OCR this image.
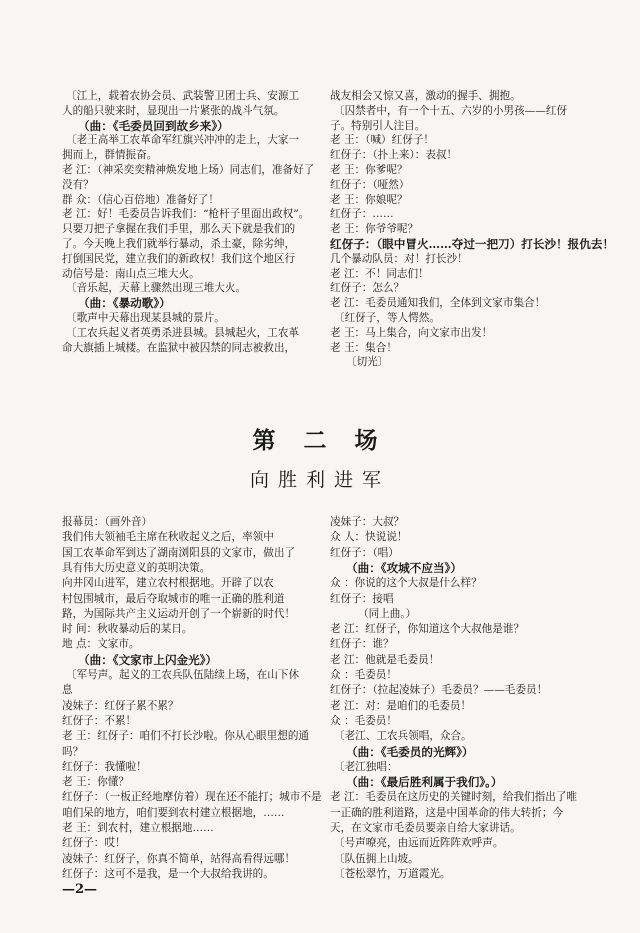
〔江上，载着农协会员、武装警卫团士兵、安源工
人的船只驶来时，显现出一片紧张的战斗气氛。
（曲：《毛委员回到故乡来》）
〔老王高举工农革命军红旗兴冲冲的走上，大家一
拥而上，群情振奋。
老 江：（神采奕奕精神焕发地上场）同志们，准备好了
没有？
群 众：（信心百倍地）准备好了！
老 江：好！毛委员告诉我们：“枪杆子里面出政权”。
只要刀把子拿握在我们手里，那么天下就是我们的
了。今天晚上我们就举行暴动，杀土豪，除劣绅，
打倒国民党，建立我们的新政权！我们这个地区行
动信号是：南山点三堆大火。
〔音乐起，天幕上骤然出现三堆大火。
（曲：《暴动歌》）
〔歌声中天幕出现某县城的景片。
〔工农兵起义者英勇杀进县城。县城起火，工农革
命大旗插上城楼。在监狱中被囚禁的同志被救出，
战友相会又惊又喜，激动的握手、拥抱。
〔囚禁者中，有一个十五、六岁的小男孩——红伢
子。特别引人注目。
老 王：（喊）红伢子！
红伢子：（扑上来）：表叔！
老 王：你爹呢？
红伢子：（哑然）
老 王：你娘呢？
红伢子：……
老 王：你爷爷呢？
红伢子：（眼中冒火……夺过一把刀）打长沙！报仇去！
几个暴动队员：对！打长沙！
老 江：不！同志们！
红伢子：怎么？
老 江：毛委员通知我们，全体到文家市集合！
〔红伢子，等人愕然。
老 王：马上集合，向文家市出发！
老 王：集合！
〔切光〕
第 二 场
向胜利进军
报幕员：（画外音）
我们伟大领袖毛主席在秋收起义之后，率领中
国工农革命军到达了湖南浏阳县的文家市，做出了
具有伟大历史意义的英明决策。
向井冈山进军，建立农村根据地。开辟了以农
村包围城市，最后夺取城市的唯一正确的胜利道
路，为国际共产主义运动开创了一个崭新的时代！
时 间：秋收暴动后的某日。
地 点：文家市。
（曲：《文家市上闪金光》）
〔军号声。起义的工农兵队伍陆续上场，在山下休
息
凌妹子：红伢子累不累？
红伢子：不累！
老 王：红伢子：咱们不打长沙啦。你从心眼里想的通
吗？
红伢子：我懂啦！
老 王：你懂？
红伢子：（一板正经地摩仿着）现在还不能打；城市不是
咱们呆的地方，咱们要到农村建立根据地，……
老 王：到农村，建立根据地……
红伢子：哎！
凌妹子：红伢子，你真不简单，站得高看得远哪！
红伢子：这可不是我，是一个大叔给我讲的。
凌妹子：大叔？
众 人：快说说！
红伢子：（唱）
（曲：《攻城不应当》）
众 ：你说的这个大叔是什么样？
红伢子：接唱
（同上曲。）
老 江：红伢子，你知道这个大叔他是谁？
红伢子：谁？
老 江：他就是毛委员！
众 ：毛委员！
红伢子：（拉起凌妹子）毛委员？——毛委员！
老 江：对：是咱们的毛委员！
众 ：毛委员！
〔老江、工农兵领唱，众合。
（曲：《毛委员的光辉》）
〔老江独唱：
（曲：《最后胜利属于我们》。）
老 江：毛委员在这历史的关键时刻，给我们指出了唯
一正确的胜利道路，这是中国革命的伟大转折；今
天，在文家市毛委员要亲自给大家讲话。
〔号声嘹亮，由远而近阵阵欢呼声。
〔队伍拥上山坡。
〔苍松翠竹，万道霞光。
—2—
